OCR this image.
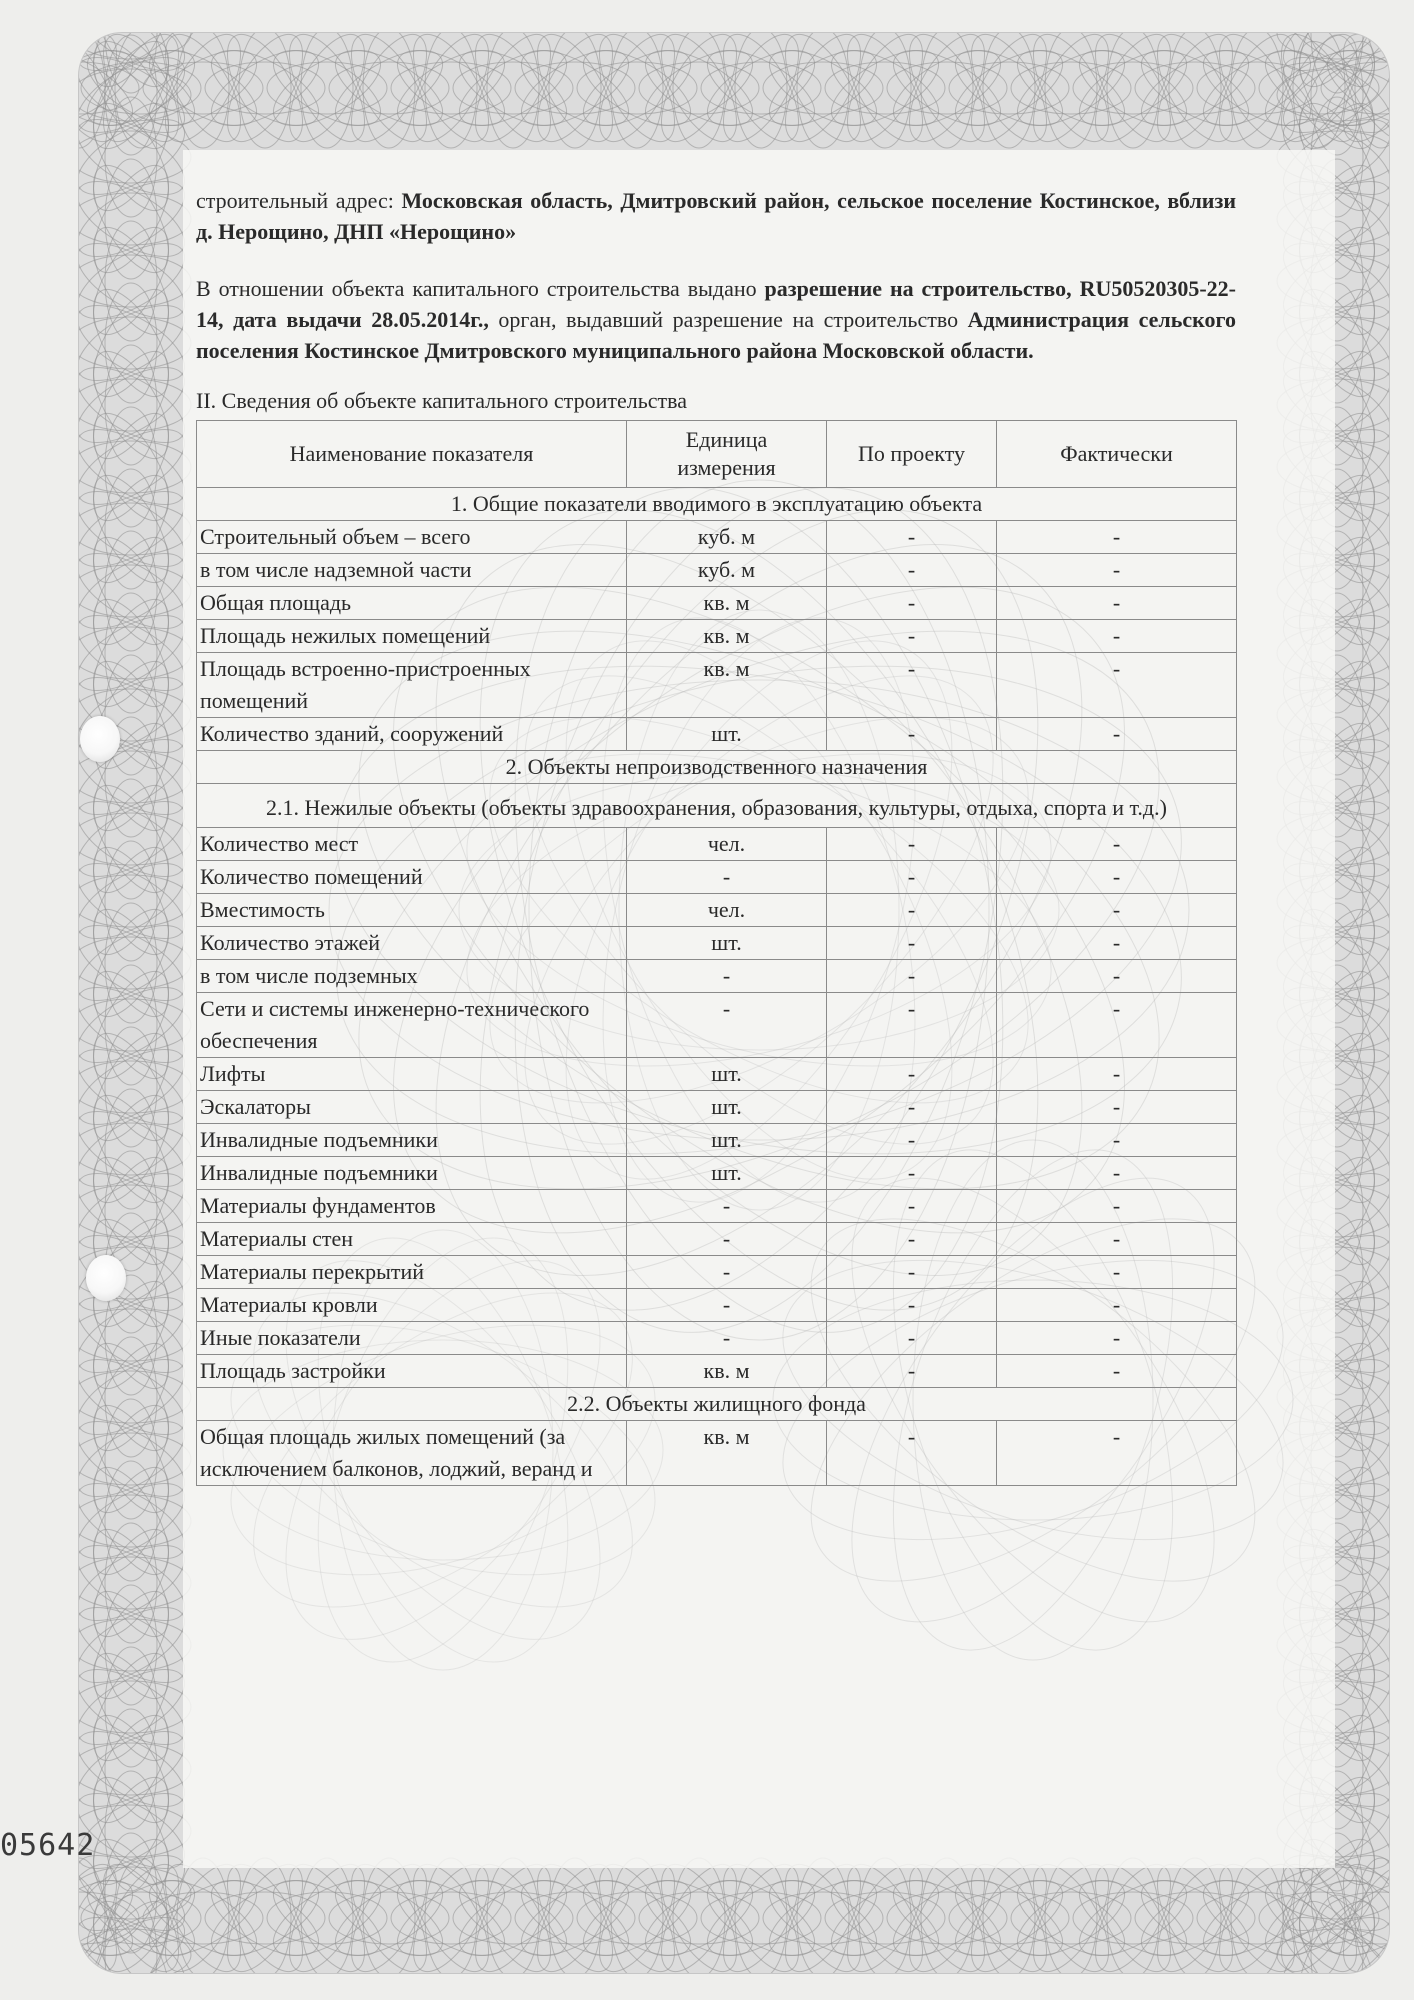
05642

строительный адрес: Московская область, Дмитровский район, сельское поселение Костинское, вблизи д. Нерощино, ДНП «Нерощино»

В отношении объекта капитального строительства выдано разрешение на строительство, RU50520305-22-14, дата выдачи 28.05.2014г., орган, выдавший разрешение на строительство Администрация сельского поселения Костинское Дмитровского муниципального района Московской области.

II. Сведения об объекте капитального строительства
Наименование показателя	Единица измерения	По проекту	Фактически
1. Общие показатели вводимого в эксплуатацию объекта			
Строительный объем – всего	куб. м	-	-
в том числе надземной части	куб. м	-	-
Общая площадь	кв. м	-	-
Площадь нежилых помещений	кв. м	-	-
Площадь встроенно-пристроенных помещений	кв. м	-	-
Количество зданий, сооружений	шт.	-	-
2. Объекты непроизводственного назначения			
2.1. Нежилые объекты (объекты здравоохранения, образования, культуры, отдыха, спорта и т.д.)			
Количество мест	чел.	-	-
Количество помещений	-	-	-
Вместимость	чел.	-	-
Количество этажей	шт.	-	-
в том числе подземных	-	-	-
Сети и системы инженерно-технического обеспечения	-	-	-
Лифты	шт.	-	-
Эскалаторы	шт.	-	-
Инвалидные подъемники	шт.	-	-
Инвалидные подъемники	шт.	-	-
Материалы фундаментов	-	-	-
Материалы стен	-	-	-
Материалы перекрытий	-	-	-
Материалы кровли	-	-	-
Иные показатели	-	-	-
Площадь застройки	кв. м	-	-
2.2. Объекты жилищного фонда			
Общая площадь жилых помещений (за исключением балконов, лоджий, веранд и	кв. м	-	-
